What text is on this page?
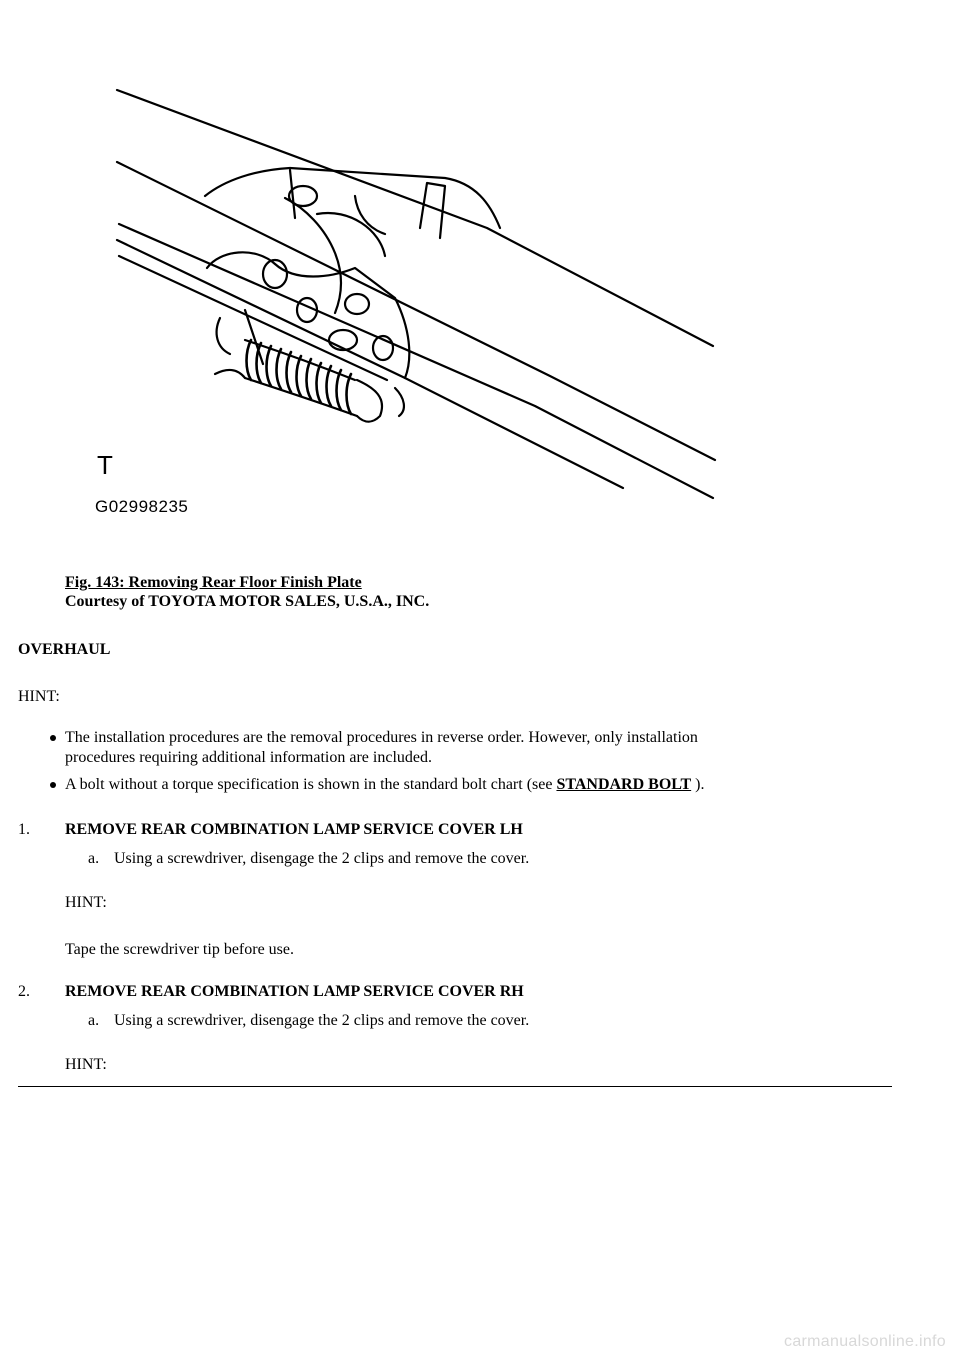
T
G02998235
Fig. 143: Removing Rear Floor Finish Plate
Courtesy of TOYOTA MOTOR SALES, U.S.A., INC.
OVERHAUL
HINT:
The installation procedures are the removal procedures in reverse order. However, only installation
procedures requiring additional information are included.
A bolt without a torque specification is shown in the standard bolt chart (see STANDARD BOLT ).
1. REMOVE REAR COMBINATION LAMP SERVICE COVER LH
a. Using a screwdriver, disengage the 2 clips and remove the cover.
HINT:
Tape the screwdriver tip before use.
2. REMOVE REAR COMBINATION LAMP SERVICE COVER RH
a. Using a screwdriver, disengage the 2 clips and remove the cover.
HINT:
carmanualsonline.info
